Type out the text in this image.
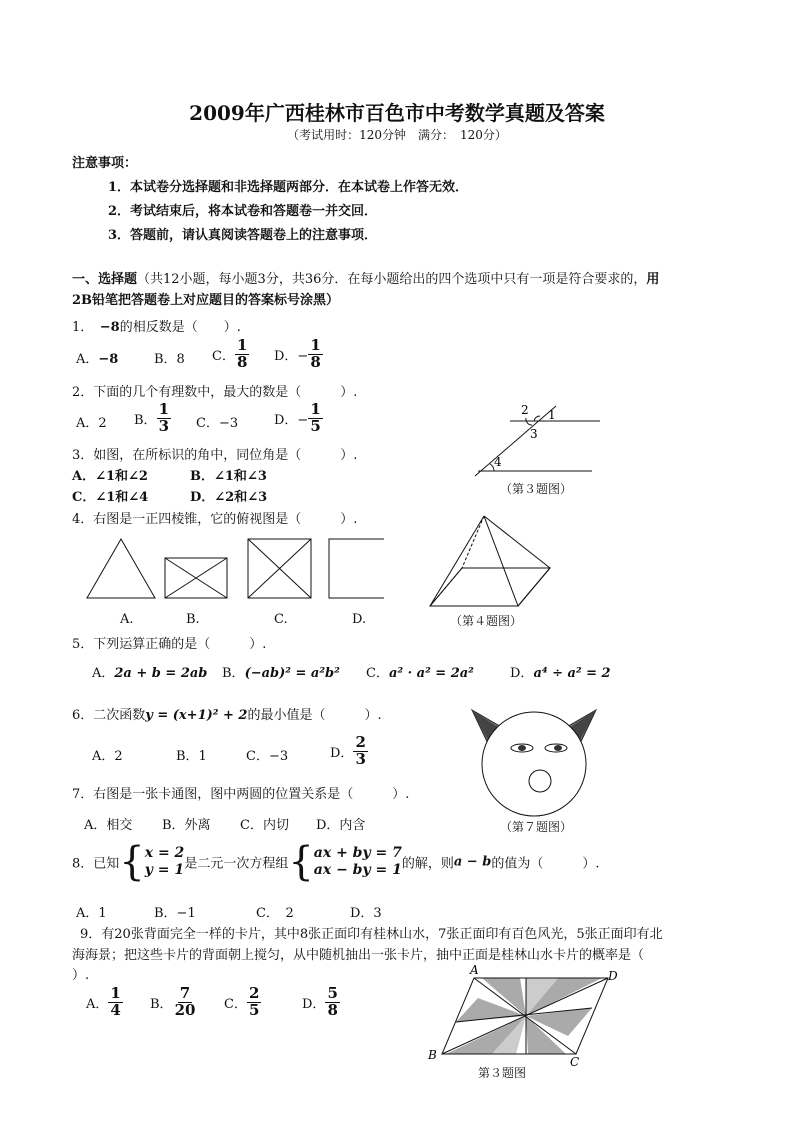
2009年广西桂林市百色市中考数学真题及答案
（考试用时：120分钟　满分：　120分）
注意事项：
1．本试卷分选择题和非选择题两部分．在本试卷上作答无效．
2．考试结束后，将本试卷和答题卷一并交回．
3．答题前，请认真阅读答题卷上的注意事项．
一、选择题（共12小题，每小题3分，共36分．在每小题给出的四个选项中只有一项是符合要求的，用
2B铅笔把答题卷上对应题目的答案标号涂黑）
1．　−8的相反数是（　　）.
A．−8	B．8 C． $\frac{1}{8}$ D．− $\frac{1}{8}$
2．下面的几个有理数中，最大的数是（　　　）.
A．2 B． $\frac{1}{3}$ C．−3	D．− $\frac{1}{5}$
3．如图，在所标识的角中，同位角是（　　　）.
A．∠1和∠2	B．∠1和∠3
C．∠1和∠4	D．∠2和∠3
2 1
3
4
（第３题图）
4．右图是一正四棱锥，它的俯视图是（　　　）.
A.	B.	C.	D.	（第４题图）
5．下列运算正确的是（　　　）.
A．2a + b = 2ab B．(−ab)² = a²b² C．a² · a² = 2a²	D．a⁴ ÷ a² = 2
6．二次函数y = (x+1)² + 2的最小值是（　　　）.
A．2	B．1	C．−3	D． $\frac{2}{3}$
（第７题图）
7．右图是一张卡通图，图中两圆的位置关系是（　　　）.
A．相交 B．外离 C．内切 D．内含
8．已知{ x = 2
y = 1 是二元一次方程组{ ax + by = 7
ax − by = 1 的解，则a − b的值为（　　　）.
A．1	B．−1	C．　2	D．3
9．有20张背面完全一样的卡片，其中8张正面印有桂林山水，7张正面印有百色风光，5张正面印有北
海海景；把这些卡片的背面朝上搅匀，从中随机抽出一张卡片，抽中正面是桂林山水卡片的概率是（
）.
A． $\frac{1}{4}$ B． $\frac{7}{20}$ C． $\frac{2}{5}$	D． $\frac{5}{8}$
A	D
B	C
第３题图
